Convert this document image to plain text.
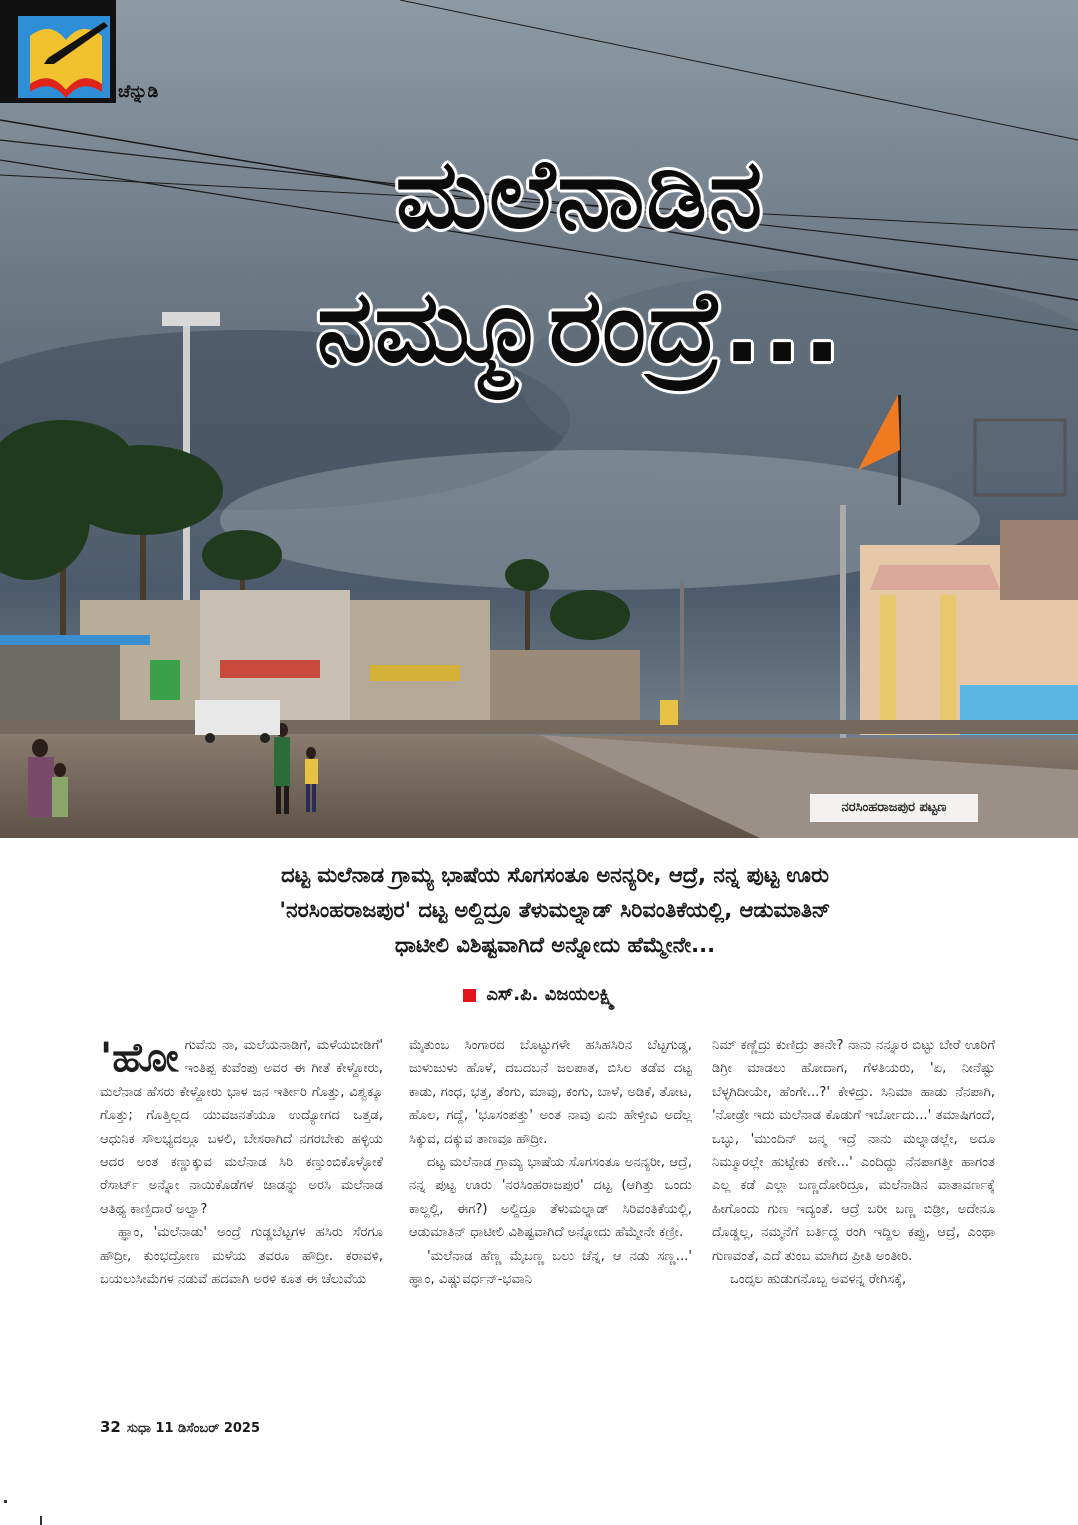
ಚೆನ್ನುಡಿ
ಮಲೆನಾಡಿನ
ನಮ್ಮೂರಂದ್ರೆ...
ನರಸಿಂಹರಾಜಪುರ ಪಟ್ಟಣ
ದಟ್ಟ ಮಲೆನಾಡ ಗ್ರಾಮ್ಯ ಭಾಷೆಯ ಸೊಗಸಂತೂ ಅನನ್ಯರೀ, ಆದ್ರೆ, ನನ್ನ ಪುಟ್ಟ ಊರು
'ನರಸಿಂಹರಾಜಪುರ' ದಟ್ಟ ಅಲ್ದಿದ್ರೂ ತೆಳುಮಲ್ನಾಡ್ ಸಿರಿವಂತಿಕೆಯಲ್ಲಿ, ಆಡುಮಾತಿನ್
ಧಾಟೀಲಿ ವಿಶಿಷ್ಟವಾಗಿದೆ ಅನ್ನೋದು ಹೆಮ್ಮೇನೇ...
ಎಸ್‌.ಪಿ. ವಿಜಯಲಕ್ಷ್ಮಿ

'ಹೋಗುವೆನು ನಾ, ಮಲೆಯನಾಡಿಗೆ, ಮಳೆಯಬೀಡಿಗೆ' ಇಂತಿಪ್ಪ ಕುವೆಂಪು ಅವರ ಈ ಗೀತೆ ಕೇಳ್ದೋರು, ಮಲೆನಾಡ ಹೆಸರು ಕೇಳ್ದೋರು ಭಾಳ ಜನ ಇರ್ತೀರಿ ಗೊತ್ತು, ವಿಶ್ವಕ್ಕೂ ಗೊತ್ತು; ಗೊತ್ತಿಲ್ಲದ ಯುವಜನತೆಯೂ ಉದ್ಯೋಗದ ಒತ್ತಡ, ಆಧುನಿಕ ಸೌಲಭ್ಯದಲ್ಲೂ ಬಳಲಿ, ಬೇಸರಾಗಿದೆ ನಗರಬೇಕು ಹಳ್ಳಿಯ ಆದರ ಅಂತ ಕಣ್ಣುಕ್ಕುವ ಮಲೆನಾಡ ಸಿರಿ ಕಣ್ತುಂಬಿಕೊಳ್ಳೋಕೆ ರೆಸಾರ್ಟ್ ಅನ್ನೋ ನಾಯಿಕೊಡೆಗಳ ಜಾಡನ್ನು ಅರಸಿ ಮಲೆನಾಡ ಆತಿಥ್ಯ ಕಾಣ್ತಿದಾರೆ ಅಲ್ವಾ?

ಹ್ಞಾಂ, 'ಮಲೆನಾಡು' ಅಂದ್ರೆ ಗುಡ್ಡಬೆಟ್ಟಗಳ ಹಸಿರು ಸೆರಗೂ ಹೌದ್ರೀ, ಕುಂಭದ್ರೋಣ ಮಳೆಯ ತವರೂ ಹೌದ್ರೀ. ಕರಾವಳಿ, ಬಯಲುಸೀಮೆಗಳ ನಡುವೆ ಹದವಾಗಿ ಅರಳಿ ಕೂತ ಈ ಚೆಲುವೆಯ

ಮೈತುಂಬ ಸಿಂಗಾರದ ಬೊಟ್ಟುಗಳೇ ಹಸಿಹಸಿರಿನ ಬೆಟ್ಟಗುಡ್ಡ, ಜುಳುಜುಳು ಹೊಳೆ, ದಬದಬನೆ ಜಲಪಾತ, ಬಿಸಿಲ ತಡೆವ ದಟ್ಟ ಕಾಡು, ಗಂಧ, ಭತ್ತ, ತೆಂಗು, ಮಾವು, ಕಂಗು, ಬಾಳೆ, ಅಡಿಕೆ, ತೋಟ, ಹೊಲ, ಗದ್ದೆ, 'ಭೂಸಂಪತ್ತು' ಅಂತ ನಾವು ಏನು ಹೇಳ್ತೀವಿ ಅದೆಲ್ಲ ಸಿಕ್ಕುವ, ದಕ್ಕುವ ತಾಣವೂ ಹೌದ್ರೀ.

ದಟ್ಟ ಮಲೆನಾಡ ಗ್ರಾಮ್ಯ ಭಾಷೆಯ ಸೊಗಸಂತೂ ಅನನ್ಯರೀ, ಆದ್ರೆ, ನನ್ನ ಪುಟ್ಟ ಊರು 'ನರಸಿಂಹರಾಜಪುರ' ದಟ್ಟ (ಆಗಿತ್ತು ಒಂದು ಕಾಲ್ದಲ್ಲಿ, ಈಗ?) ಅಲ್ದಿದ್ರೂ ತೆಳುಮಲ್ನಾಡ್ ಸಿರಿವಂತಿಕೆಯಲ್ಲಿ, ಆಡುಮಾತಿನ್ ಧಾಟೀಲಿ ವಿಶಿಷ್ಟವಾಗಿದೆ ಅನ್ನೋದು ಹೆಮ್ಮೇನೇ ಕಣ್ರೀ.

'ಮಲೆನಾಡ ಹೆಣ್ಣ ಮೈಬಣ್ಣ ಬಲು ಚೆನ್ನ, ಆ ನಡು ಸಣ್ಣ...' ಹ್ಞಾಂ, ವಿಷ್ಣುವರ್ಧನ್-ಭವಾನಿ

ನಿಮ್ ಕಣ್ಣೆದ್ರು ಕುಣಿದ್ರು ತಾನೇ? ನಾನು ನನ್ನೂರ ಬಿಟ್ಟು ಬೇರೆ ಊರಿಗೆ ಡಿಗ್ರೀ ಮಾಡಲು ಹೋದಾಗ, ಗೆಳತಿಯರು, 'ಏ, ನೀನೆಷ್ಟು ಬೆಳ್ಳಗಿದೀಯೇ, ಹೆಂಗೇ...?' ಕೇಳಿದ್ರು. ಸಿನಿಮಾ ಹಾಡು ನೆನಪಾಗಿ, 'ನೋಡ್ರೇ ಇದು ಮಲೆನಾಡ ಕೊಡುಗೆ ಇರ್ಬೋದು...' ತಮಾಷಿಗಂದೆ, ಒಬ್ಳು, 'ಮುಂದಿನ್ ಜನ್ಮ ಇದ್ರೆ ನಾನು ಮಲ್ನಾಡಲ್ಲೇ, ಅದೂ ನಿಮ್ಮೂರಲ್ಲೇ ಹುಟ್ಟೇಕು ಕಣೇ...' ಎಂದಿದ್ದು ನೆನಪಾಗತ್ತೀ ಹಾಗಂತ ಎಲ್ಲ ಕಡೆ ಎಲ್ಲಾ ಬಣ್ಣದೋರಿದ್ರೂ, ಮಲೆನಾಡಿನ ವಾತಾವರ್ಣಕ್ಕೆ ಹೀಗೊಂದು ಗುಣ ಇದ್ಯಂತೆ. ಆದ್ರೆ ಬರೀ ಬಣ್ಣ ಬಿಡ್ರೀ, ಅದೇನೂ ದೊಡ್ಡಲ್ಲ, ನಮ್ಮನೆಗೆ ಬರ್ತಿದ್ದ ರಂಗಿ ಇದ್ದಿಲ ಕಪ್ಪು, ಆದ್ರೆ, ಎಂಥಾ ಗುಣವಂತೆ, ಎದೆ ತುಂಬ ಮಾಗಿದ ಪ್ರೀತಿ ಅಂತೀರಿ.

ಒಂದ್ಸಲ ಹುಡುಗನೊಬ್ಬ ಅವಳನ್ನ ರೇಗಿಸಕ್ಕೆ,

32 ಸುಧಾ 11 ಡಿಸೆಂಬರ್ 2025
